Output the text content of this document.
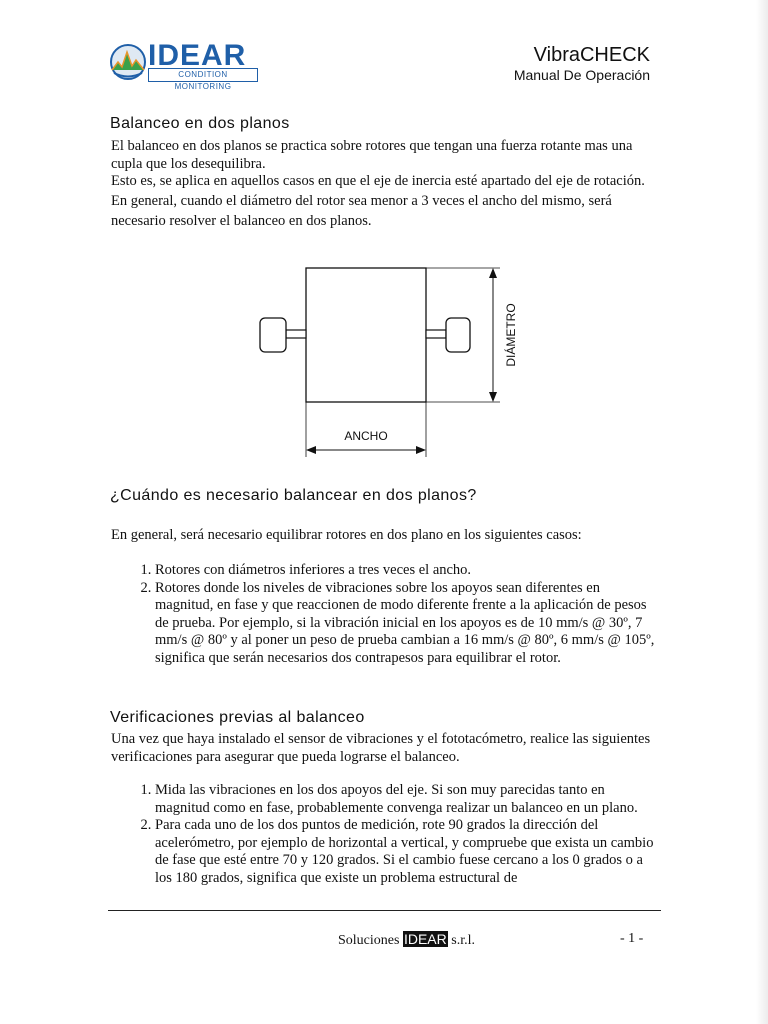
IDEAR
CONDITION MONITORING
VibraCHECK
Manual De Operación
Balanceo en dos planos

El balanceo en dos planos se practica sobre rotores que tengan una fuerza rotante mas una cupla que los desequilibra.

Esto es, se aplica en aquellos casos en que el eje de inercia esté apartado del eje de rotación.

En general, cuando el diámetro del rotor sea menor a 3 veces el ancho del mismo, será necesario resolver el balanceo en dos planos.

DIÁMETRO
ANCHO
¿Cuándo es necesario balancear en dos planos?
En general, será necesario equilibrar rotores en dos plano en los siguientes casos:
1. Rotores con diámetros inferiores a tres veces el ancho.
2. Rotores donde los niveles de vibraciones sobre los apoyos sean diferentes en magnitud, en fase y que reaccionen de modo diferente frente a la aplicación de pesos de prueba. Por ejemplo, si la vibración inicial en los apoyos es de 10 mm/s @ 30º, 7 mm/s @ 80º y al poner un peso de prueba cambian a 16 mm/s @ 80º, 6 mm/s @ 105º, significa que serán necesarios dos contrapesos para equilibrar el rotor.
Verificaciones previas al balanceo
Una vez que haya instalado el sensor de vibraciones y el fototacómetro, realice las siguientes verificaciones para asegurar que pueda lograrse el balanceo.
1. Mida las vibraciones en los dos apoyos del eje. Si son muy parecidas tanto en magnitud como en fase, probablemente convenga realizar un balanceo en un plano.
2. Para cada uno de los dos puntos de medición, rote 90 grados la dirección del acelerómetro, por ejemplo de horizontal a vertical, y compruebe que exista un cambio de fase que esté entre 70 y 120 grados. Si el cambio fuese cercano a los 0 grados o a los 180 grados, significa que existe un problema estructural de
Soluciones IDEAR s.r.l.	- 1 -
